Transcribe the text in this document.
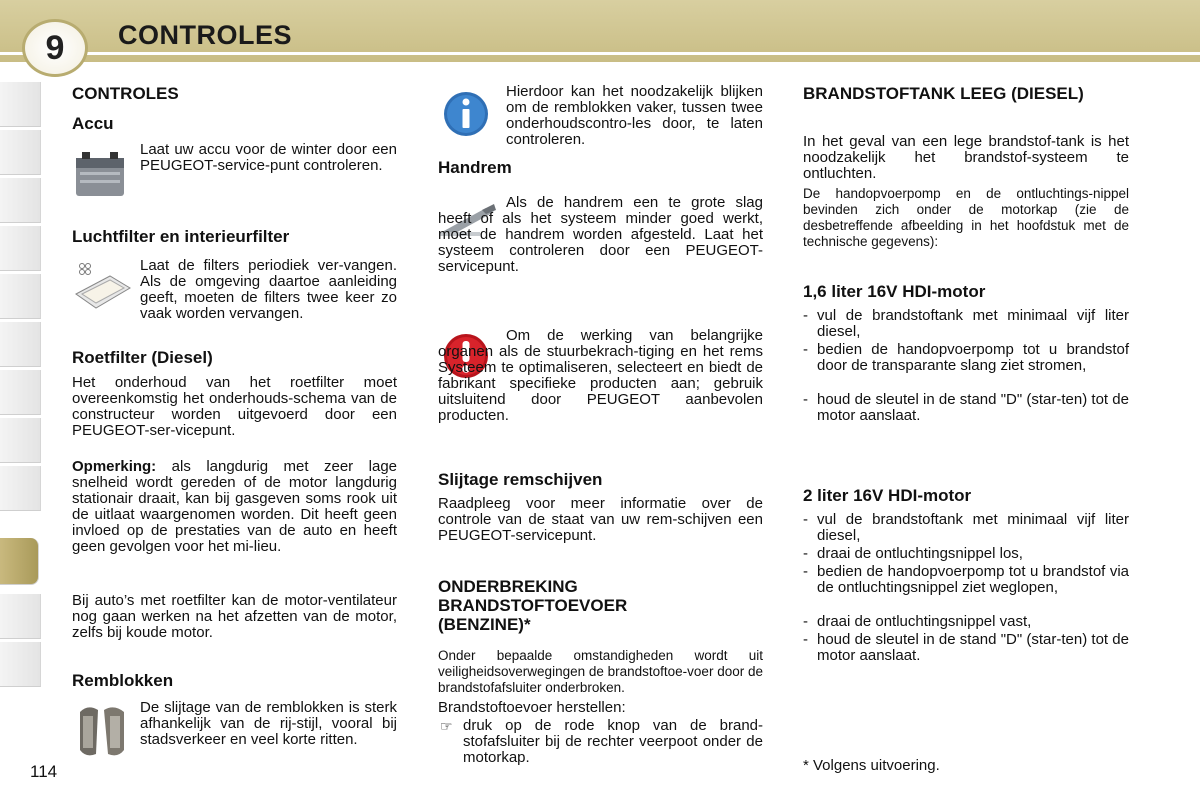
9	CONTROLES
CONTROLES
Accu

Laat uw accu voor de winter door een PEUGEOT-service-punt controleren.

Luchtfilter en interieurfilter

Laat de filters periodiek ver-vangen. Als de omgeving daartoe aanleiding geeft, moeten de filters twee keer zo vaak worden vervangen.

Roetfilter (Diesel)

Het onderhoud van het roetfilter moet overeenkomstig het onderhouds-schema van de constructeur worden uitgevoerd door een PEUGEOT-ser-vicepunt.

Opmerking: als langdurig met zeer lage snelheid wordt gereden of de motor langdurig stationair draait, kan bij gasgeven soms rook uit de uitlaat waargenomen worden. Dit heeft geen invloed op de prestaties van de auto en heeft geen gevolgen voor het mi-lieu.

Bij auto’s met roetfilter kan de motor-ventilateur nog gaan werken na het afzetten van de motor, zelfs bij koude motor.

Remblokken

De slijtage van de remblokken is sterk afhankelijk van de rij-stijl, vooral bij stadsverkeer en veel korte ritten.

Hierdoor kan het noodzakelijk blijken om de remblokken vaker, tussen twee onderhoudscontro-les door, te laten controleren.

Handrem

Als de handrem een te grote slag heeft of als het systeem minder goed werkt, moet de handrem worden afgesteld. Laat het systeem controleren door een PEUGEOT-servicepunt.

Om de werking van belangrijke organen als de stuurbekrach-tiging en het rems Systeem te optimaliseren, selecteert en biedt de fabrikant specifieke producten aan; gebruik uitsluitend door PEUGEOT aanbevolen producten.

Slijtage remschijven

Raadpleeg voor meer informatie over de controle van de staat van uw rem-schijven een PEUGEOT-servicepunt.

ONDERBREKING BRANDSTOFTOEVOER (BENZINE)*

Onder bepaalde omstandigheden wordt uit veiligheidsoverwegingen de brandstoftoe-voer door de brandstofafsluiter onderbroken.

Brandstoftoevoer herstellen:

☞ druk op de rode knop van de brand-stofafsluiter bij de rechter veerpoot onder de motorkap.

BRANDSTOFTANK LEEG (DIESEL)

In het geval van een lege brandstof-tank is het noodzakelijk het brandstof-systeem te ontluchten.

De handopvoerpomp en de ontluchtings-nippel bevinden zich onder de motorkap (zie de desbetreffende afbeelding in het hoofdstuk met de technische gegevens):

1,6 liter 16V HDI-motor
- vul de brandstoftank met minimaal vijf liter diesel,
- bedien de handopvoerpomp tot u brandstof door de transparante slang ziet stromen,
- houd de sleutel in de stand "D" (star-ten) tot de motor aanslaat.
2 liter 16V HDI-motor
- vul de brandstoftank met minimaal vijf liter diesel,
- draai de ontluchtingsnippel los,
- bedien de handopvoerpomp tot u brandstof via de ontluchtingsnippel ziet weglopen,
- draai de ontluchtingsnippel vast,
- houd de sleutel in de stand "D" (star-ten) tot de motor aanslaat.

* Volgens uitvoering.

114
